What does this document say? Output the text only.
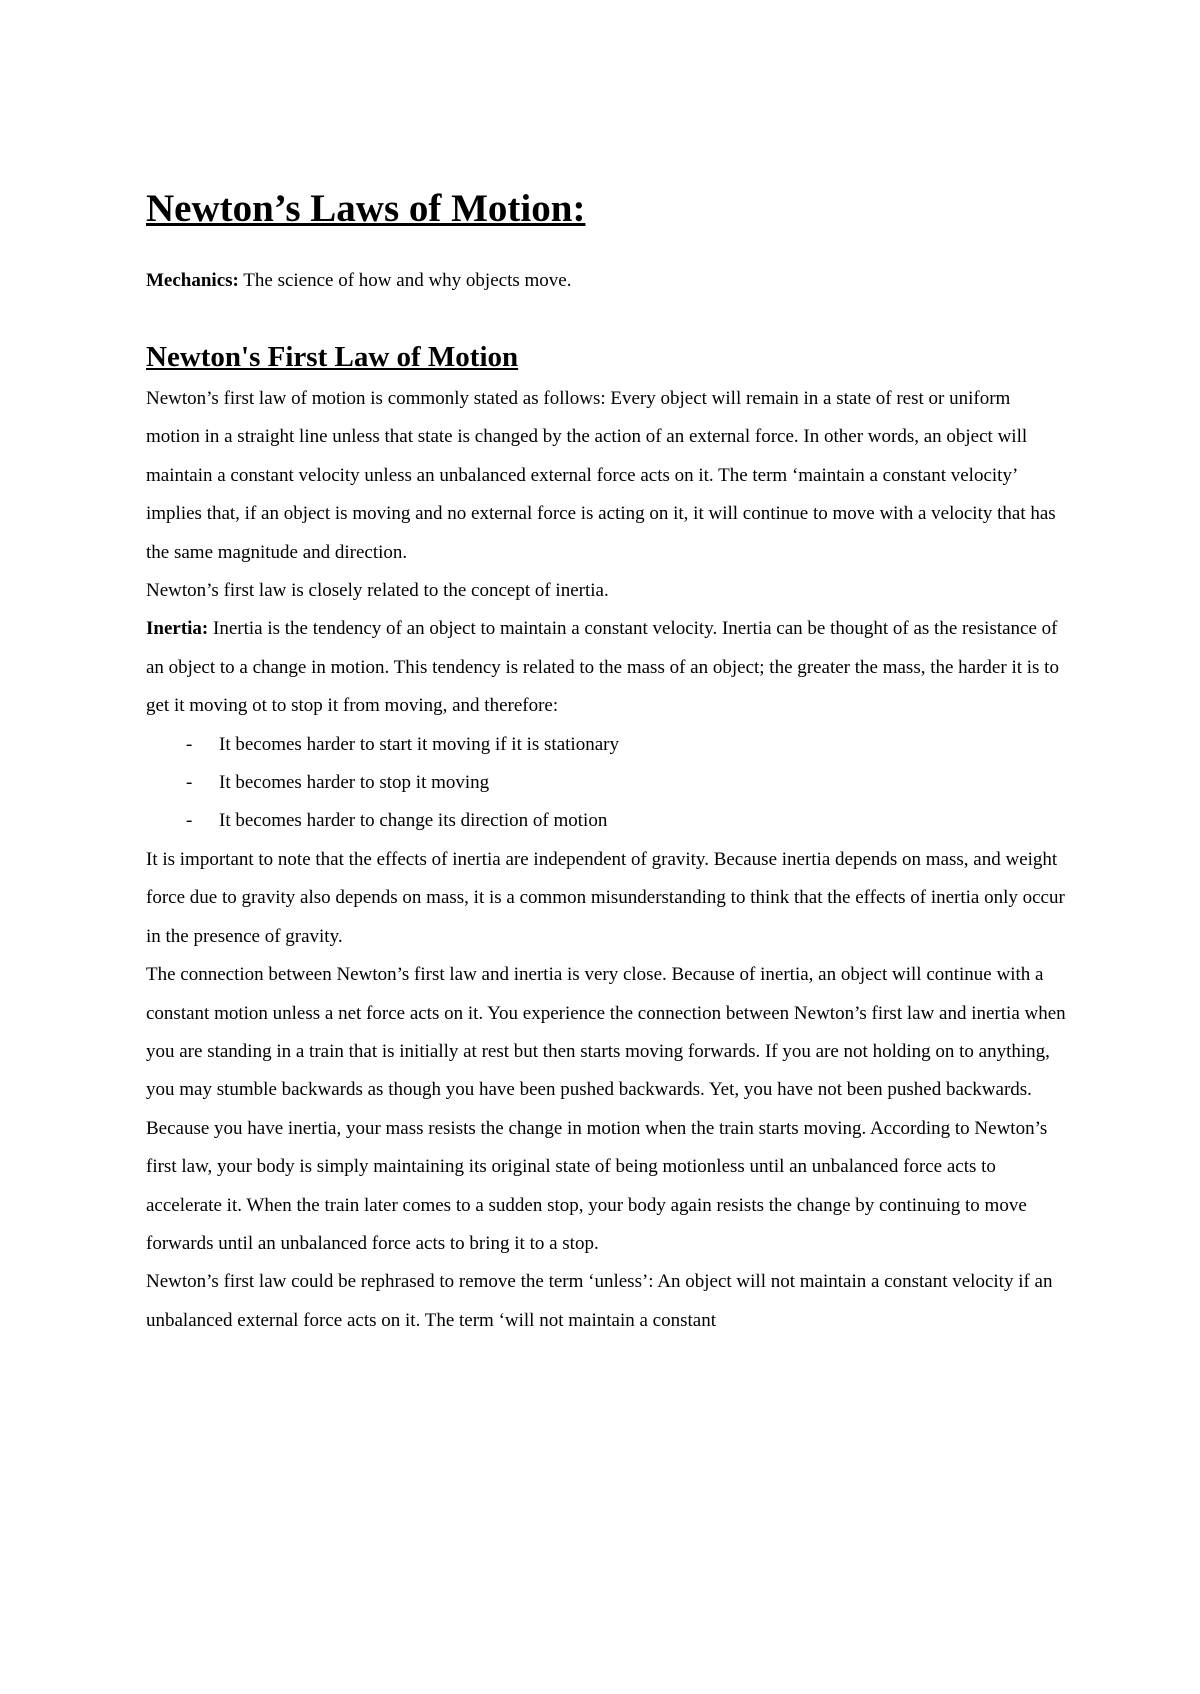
Newton’s Laws of Motion:

Mechanics: The science of how and why objects move.

Newton's First Law of Motion

Newton’s first law of motion is commonly stated as follows: Every object will remain in a state of rest or uniform motion in a straight line unless that state is changed by the action of an external force. In other words, an object will maintain a constant velocity unless an unbalanced external force acts on it. The term ‘maintain a constant velocity’ implies that, if an object is moving and no external force is acting on it, it will continue to move with a velocity that has the same magnitude and direction.

Newton’s first law is closely related to the concept of inertia.

Inertia: Inertia is the tendency of an object to maintain a constant velocity. Inertia can be thought of as the resistance of an object to a change in motion. This tendency is related to the mass of an object; the greater the mass, the harder it is to get it moving ot to stop it from moving, and therefore:

- It becomes harder to start it moving if it is stationary
- It becomes harder to stop it moving
- It becomes harder to change its direction of motion

It is important to note that the effects of inertia are independent of gravity. Because inertia depends on mass, and weight force due to gravity also depends on mass, it is a common misunderstanding to think that the effects of inertia only occur in the presence of gravity.

The connection between Newton’s first law and inertia is very close. Because of inertia, an object will continue with a constant motion unless a net force acts on it. You experience the connection between Newton’s first law and inertia when you are standing in a train that is initially at rest but then starts moving forwards. If you are not holding on to anything, you may stumble backwards as though you have been pushed backwards. Yet, you have not been pushed backwards. Because you have inertia, your mass resists the change in motion when the train starts moving. According to Newton’s first law, your body is simply maintaining its original state of being motionless until an unbalanced force acts to accelerate it. When the train later comes to a sudden stop, your body again resists the change by continuing to move forwards until an unbalanced force acts to bring it to a stop.

Newton’s first law could be rephrased to remove the term ‘unless’: An object will not maintain a constant velocity if an unbalanced external force acts on it. The term ‘will not maintain a constant
